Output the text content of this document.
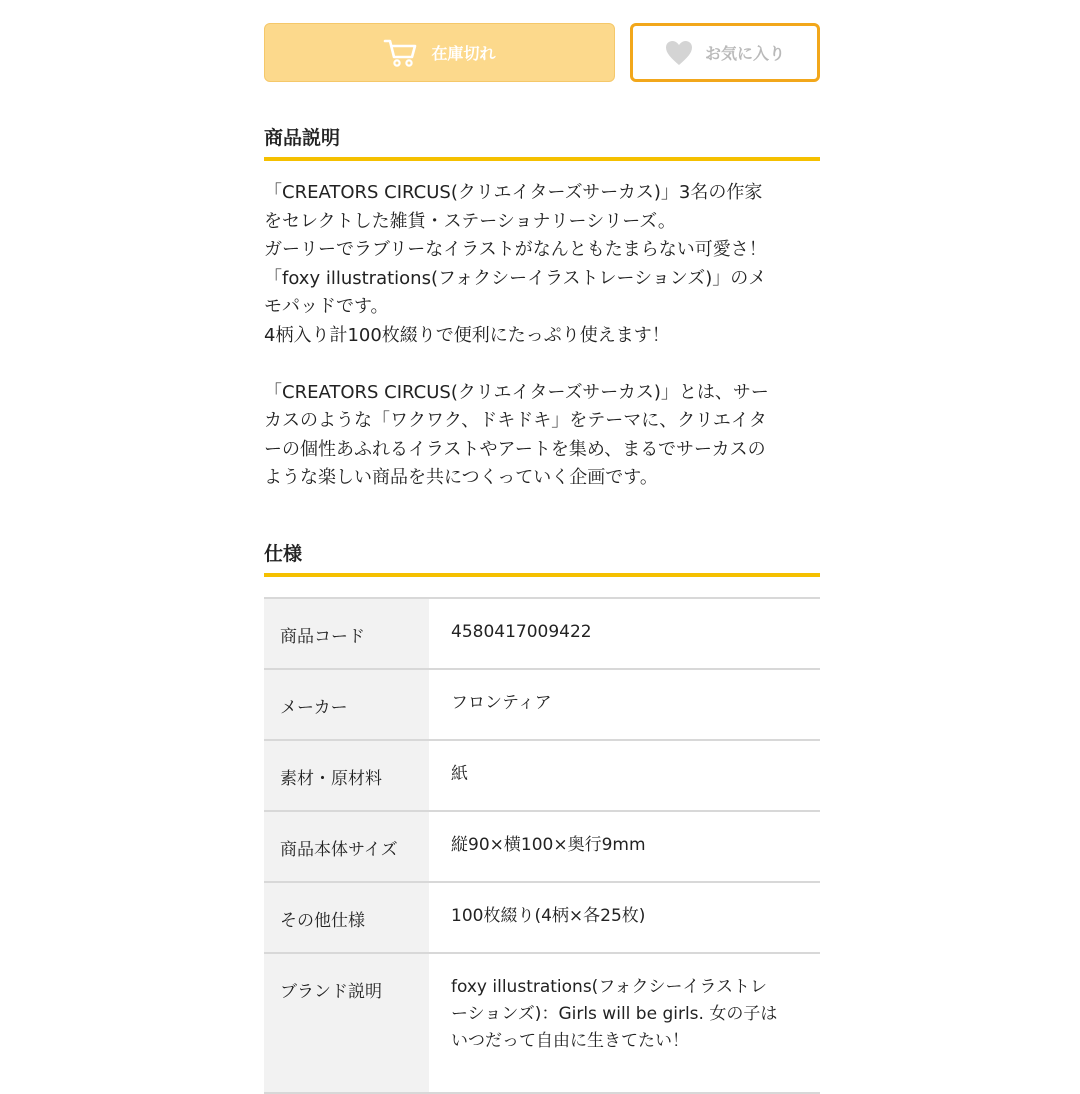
在庫切れ	お気に入り
商品説明

「CREATORS CIRCUS(クリエイターズサーカス)」3名の作家

をセレクトした雑貨・ステーショナリーシリーズ。

ガーリーでラブリーなイラストがなんともたまらない可愛さ！

「foxy illustrations(フォクシーイラストレーションズ)」のメ

モパッドです。

4柄入り計100枚綴りで便利にたっぷり使えます！

「CREATORS CIRCUS(クリエイターズサーカス)」とは、サー

カスのような「ワクワク、ドキドキ」をテーマに、クリエイタ

ーの個性あふれるイラストやアートを集め、まるでサーカスの

ような楽しい商品を共につくっていく企画です。

仕様
商品コード	4580417009422
メーカー	フロンティア
素材・原材料	紙
商品本体サイズ	縦90×横100×奥行9mm
その他仕様	100枚綴り(4柄×各25枚)
ブランド説明	foxy illustrations(フォクシーイラストレ
ーションズ)：Girls will be girls. 女の子は
いつだって自由に生きてたい！
